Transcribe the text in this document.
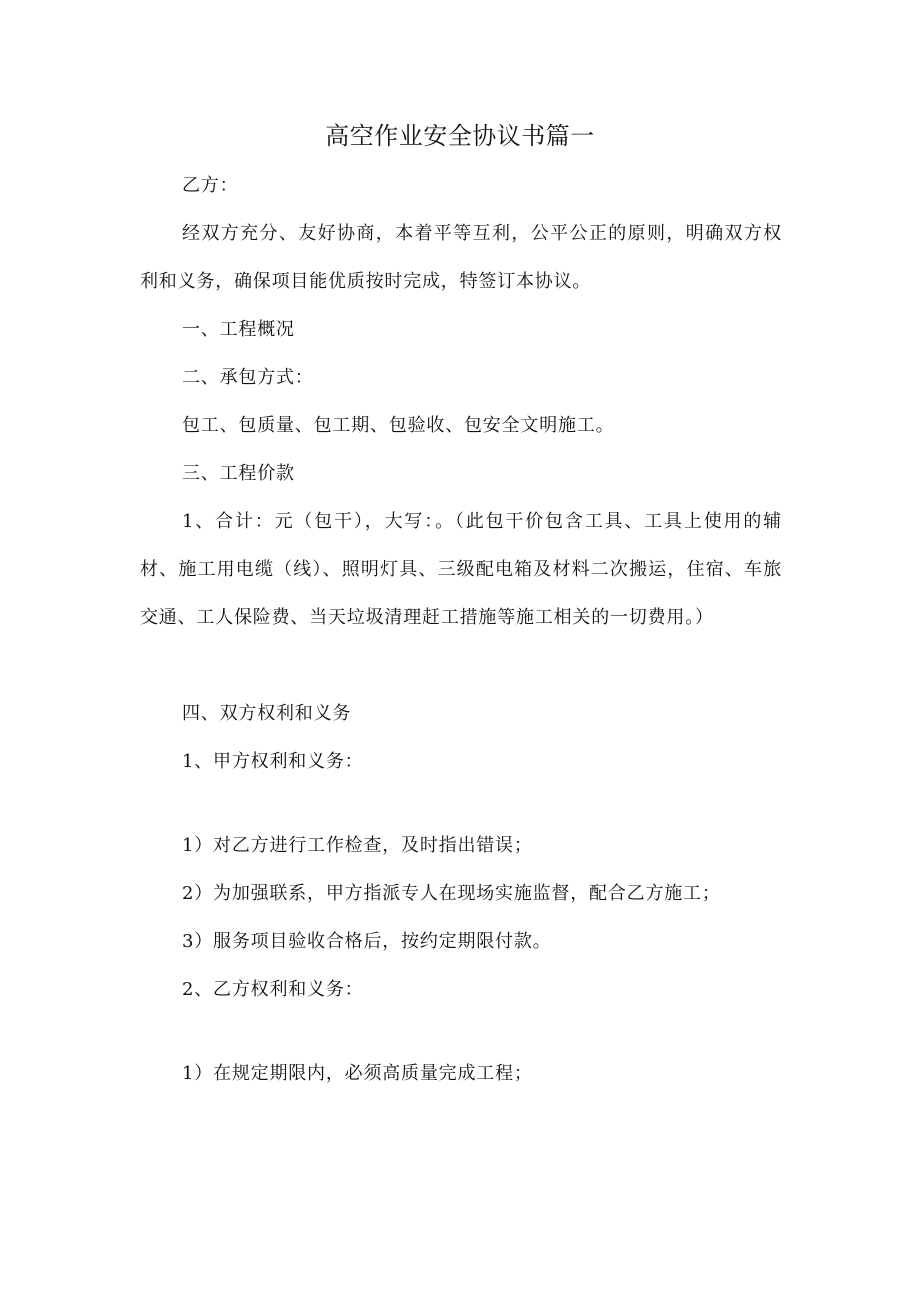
高空作业安全协议书篇一
乙方：
经双方充分、友好协商，本着平等互利，公平公正的原则，明确双方权利和义务，确保项目能优质按时完成，特签订本协议。
一、工程概况
二、承包方式：
包工、包质量、包工期、包验收、包安全文明施工。
三、工程价款
1、合计：元（包干），大写：。（此包干价包含工具、工具上使用的辅材、施工用电缆（线）、照明灯具、三级配电箱及材料二次搬运，住宿、车旅交通、工人保险费、当天垃圾清理赶工措施等施工相关的一切费用。）
四、双方权利和义务
1、甲方权利和义务：
1）对乙方进行工作检查，及时指出错误；
2）为加强联系，甲方指派专人在现场实施监督，配合乙方施工；
3）服务项目验收合格后，按约定期限付款。
2、乙方权利和义务：
1）在规定期限内，必须高质量完成工程；
